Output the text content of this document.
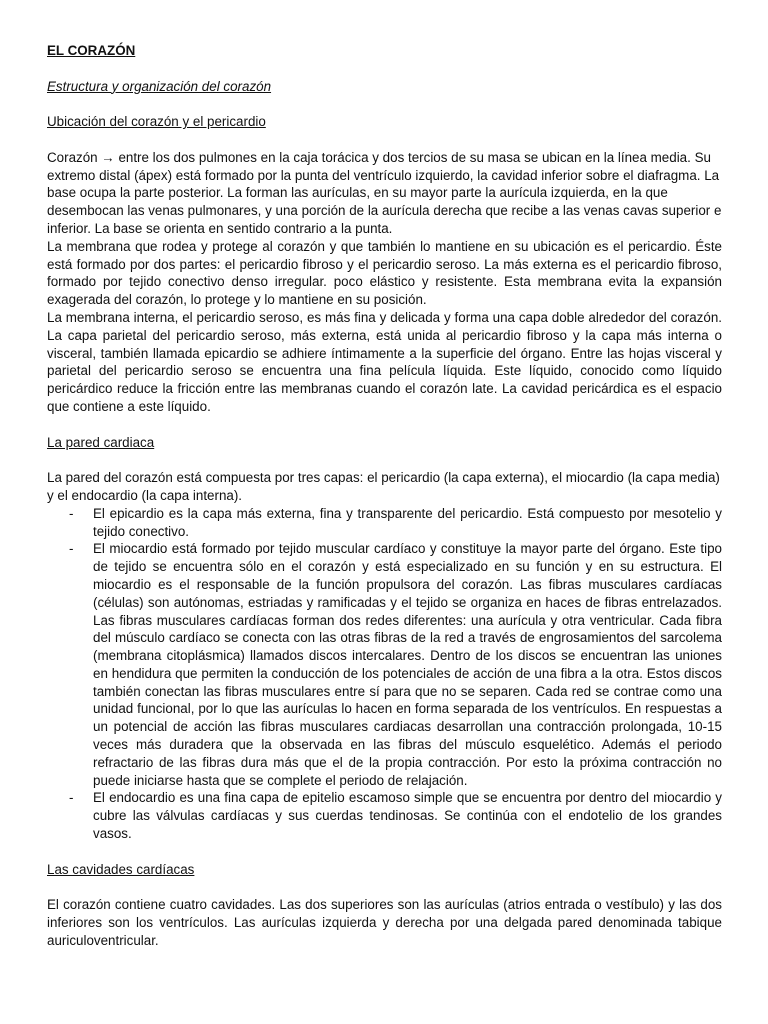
EL CORAZÓN
Estructura y organización del corazón
Ubicación del corazón y el pericardio

Corazón → entre los dos pulmones en la caja torácica y dos tercios de su masa se ubican en la línea media. Su extremo distal (ápex) está formado por la punta del ventrículo izquierdo, la cavidad inferior sobre el diafragma. La base ocupa la parte posterior. La forman las aurículas, en su mayor parte la aurícula izquierda, en la que desembocan las venas pulmonares, y una porción de la aurícula derecha que recibe a las venas cavas superior e inferior. La base se orienta en sentido contrario a la punta.

La membrana que rodea y protege al corazón y que también lo mantiene en su ubicación es el pericardio. Éste está formado por dos partes: el pericardio fibroso y el pericardio seroso. La más externa es el pericardio fibroso, formado por tejido conectivo denso irregular. poco elástico y resistente. Esta membrana evita la expansión exagerada del corazón, lo protege y lo mantiene en su posición.

La membrana interna, el pericardio seroso, es más fina y delicada y forma una capa doble alrededor del corazón. La capa parietal del pericardio seroso, más externa, está unida al pericardio fibroso y la capa más interna o visceral, también llamada epicardio se adhiere íntimamente a la superficie del órgano. Entre las hojas visceral y parietal del pericardio seroso se encuentra una fina película líquida. Este líquido, conocido como líquido pericárdico reduce la fricción entre las membranas cuando el corazón late. La cavidad pericárdica es el espacio que contiene a este líquido.

La pared cardiaca

La pared del corazón está compuesta por tres capas: el pericardio (la capa externa), el miocardio (la capa media) y el endocardio (la capa interna).

- El epicardio es la capa más externa, fina y transparente del pericardio. Está compuesto por mesotelio y tejido conectivo.
- El miocardio está formado por tejido muscular cardíaco y constituye la mayor parte del órgano. Este tipo de tejido se encuentra sólo en el corazón y está especializado en su función y en su estructura. El miocardio es el responsable de la función propulsora del corazón. Las fibras musculares cardíacas (células) son autónomas, estriadas y ramificadas y el tejido se organiza en haces de fibras entrelazados. Las fibras musculares cardíacas forman dos redes diferentes: una aurícula y otra ventricular. Cada fibra del músculo cardíaco se conecta con las otras fibras de la red a través de engrosamientos del sarcolema (membrana citoplásmica) llamados discos intercalares. Dentro de los discos se encuentran las uniones en hendidura que permiten la conducción de los potenciales de acción de una fibra a la otra. Estos discos también conectan las fibras musculares entre sí para que no se separen. Cada red se contrae como una unidad funcional, por lo que las aurículas lo hacen en forma separada de los ventrículos. En respuestas a un potencial de acción las fibras musculares cardiacas desarrollan una contracción prolongada, 10-15 veces más duradera que la observada en las fibras del músculo esquelético. Además el periodo refractario de las fibras dura más que el de la propia contracción. Por esto la próxima contracción no puede iniciarse hasta que se complete el periodo de relajación.
- El endocardio es una fina capa de epitelio escamoso simple que se encuentra por dentro del miocardio y cubre las válvulas cardíacas y sus cuerdas tendinosas. Se continúa con el endotelio de los grandes vasos.
Las cavidades cardíacas

El corazón contiene cuatro cavidades. Las dos superiores son las aurículas (atrios entrada o vestíbulo) y las dos inferiores son los ventrículos. Las aurículas izquierda y derecha por una delgada pared denominada tabique auriculoventricular.
